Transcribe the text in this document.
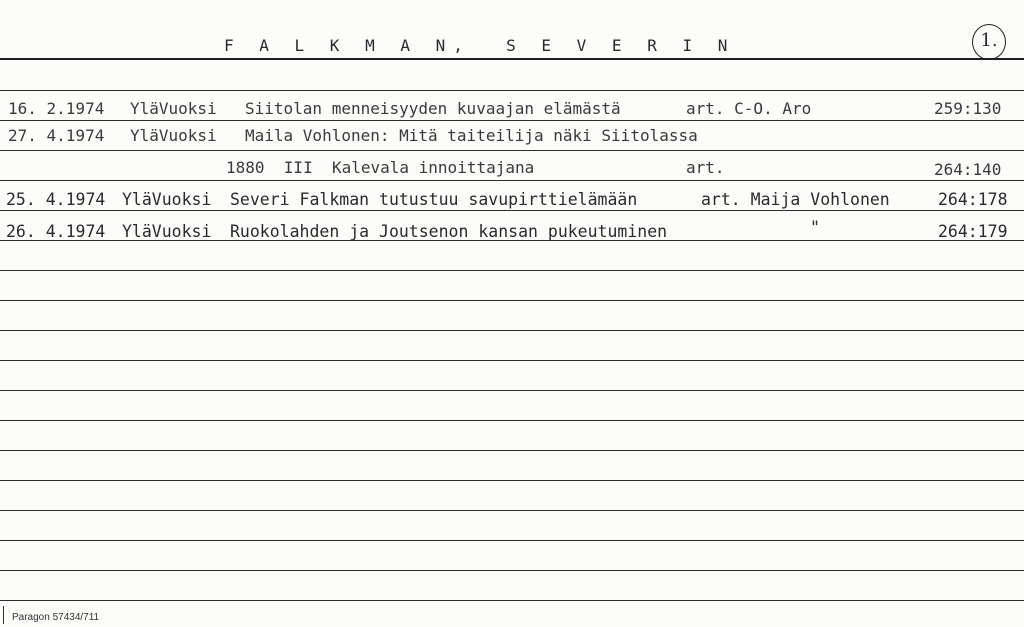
F A L K M A N,  S E V E R I N	1.
16. 2.1974 YläVuoksi Siitolan menneisyyden kuvaajan elämästä	art. C-O. Aro	259:130
27. 4.1974 YläVuoksi Maila Vohlonen: Mitä taiteilija näki Siitolassa
1880  III  Kalevala innoittajana	art.	264:140
25. 4.1974 YläVuoksi Severi Falkman tutustuu savupirttielämään	art. Maija Vohlonen	264:178
26. 4.1974 YläVuoksi Ruokolahden ja Joutsenon kansan pukeutuminen	"	264:179
Paragon 57434/711
